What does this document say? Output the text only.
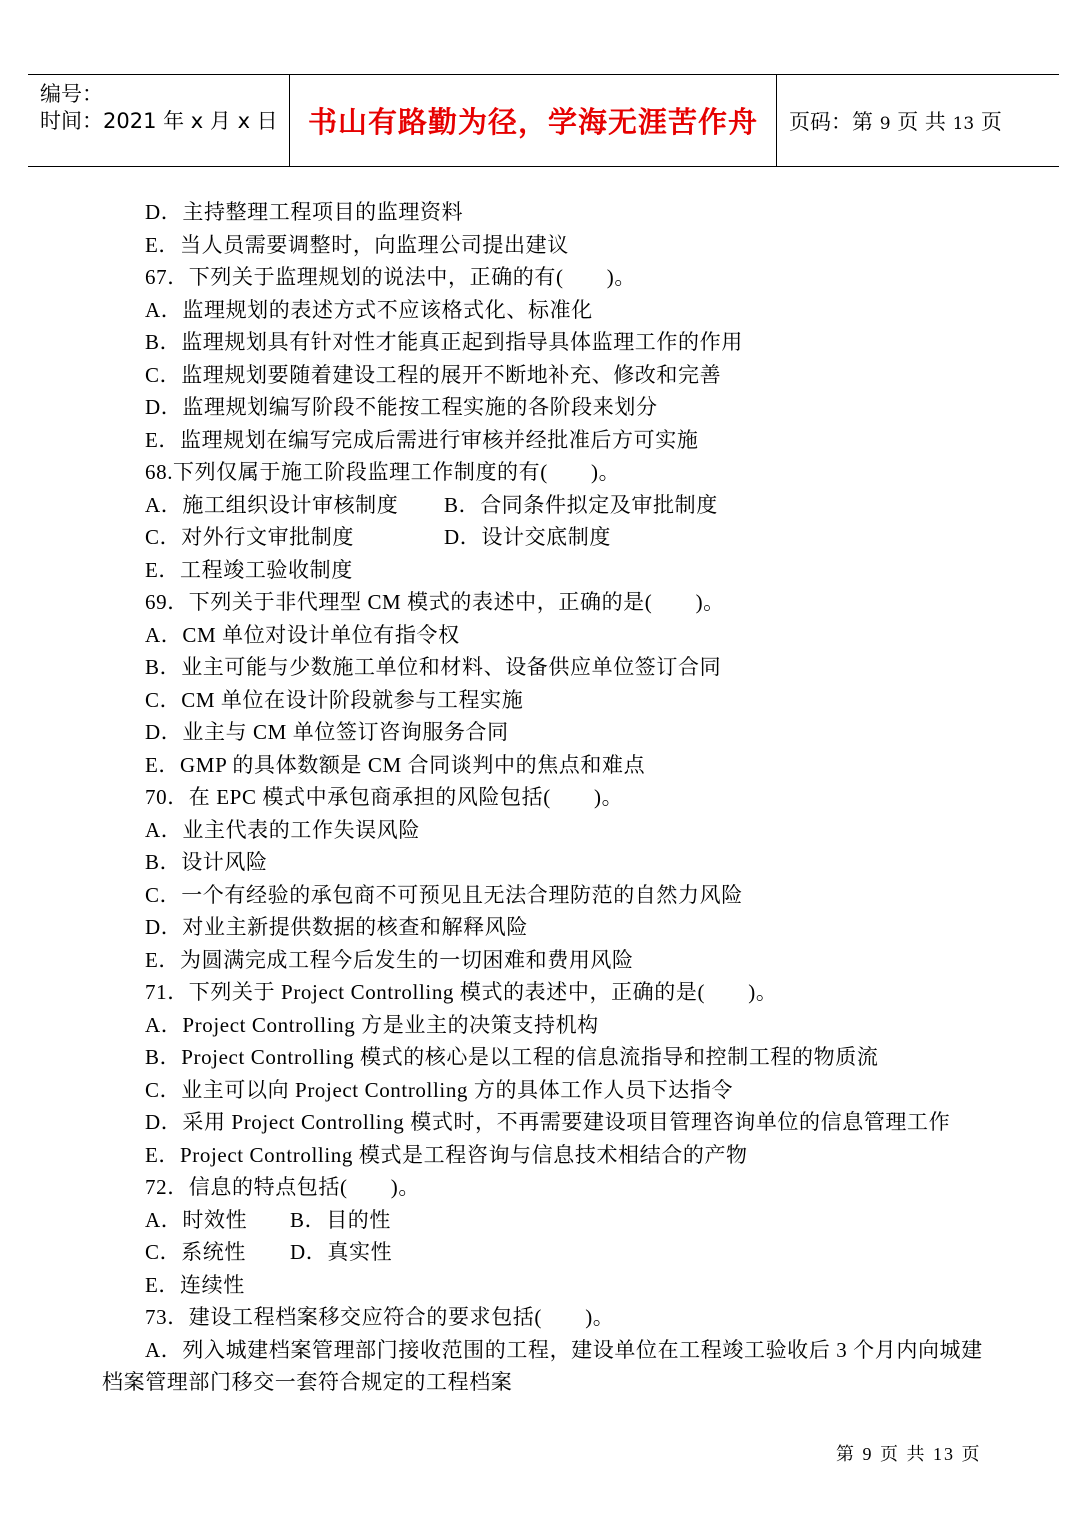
编号：
时间：2021 年 x 月 x 日 书山有路勤为径，学海无涯苦作舟 页码：第 9 页 共 13 页
D．主持整理工程项目的监理资料
E．当人员需要调整时，向监理公司提出建议
67．下列关于监理规划的说法中，正确的有(　　)。
A．监理规划的表述方式不应该格式化、标准化
B．监理规划具有针对性才能真正起到指导具体监理工作的作用
C．监理规划要随着建设工程的展开不断地补充、修改和完善
D．监理规划编写阶段不能按工程实施的各阶段来划分
E．监理规划在编写完成后需进行审核并经批准后方可实施
68.下列仅属于施工阶段监理工作制度的有(　　)。
A．施工组织设计审核制度 B．合同条件拟定及审批制度
C．对外行文审批制度	D．设计交底制度
E．工程竣工验收制度
69．下列关于非代理型 CM 模式的表述中，正确的是(　　)。
A．CM 单位对设计单位有指令权
B．业主可能与少数施工单位和材料、设备供应单位签订合同
C．CM 单位在设计阶段就参与工程实施
D．业主与 CM 单位签订咨询服务合同
E．GMP 的具体数额是 CM 合同谈判中的焦点和难点
70．在 EPC 模式中承包商承担的风险包括(　　)。
A．业主代表的工作失误风险
B．设计风险
C．一个有经验的承包商不可预见且无法合理防范的自然力风险
D．对业主新提供数据的核查和解释风险
E．为圆满完成工程今后发生的一切困难和费用风险
71．下列关于 Project Controlling 模式的表述中，正确的是(　　)。
A．Project Controlling 方是业主的决策支持机构
B．Project Controlling 模式的核心是以工程的信息流指导和控制工程的物质流
C．业主可以向 Project Controlling 方的具体工作人员下达指令
D．采用 Project Controlling 模式时，不再需要建设项目管理咨询单位的信息管理工作
E．Project Controlling 模式是工程咨询与信息技术相结合的产物
72．信息的特点包括(　　)。
A．时效性 B．目的性
C．系统性 D．真实性
E．连续性
73．建设工程档案移交应符合的要求包括(　　)。
A．列入城建档案管理部门接收范围的工程，建设单位在工程竣工验收后 3 个月内向城建
档案管理部门移交一套符合规定的工程档案
第 9 页 共 13 页
